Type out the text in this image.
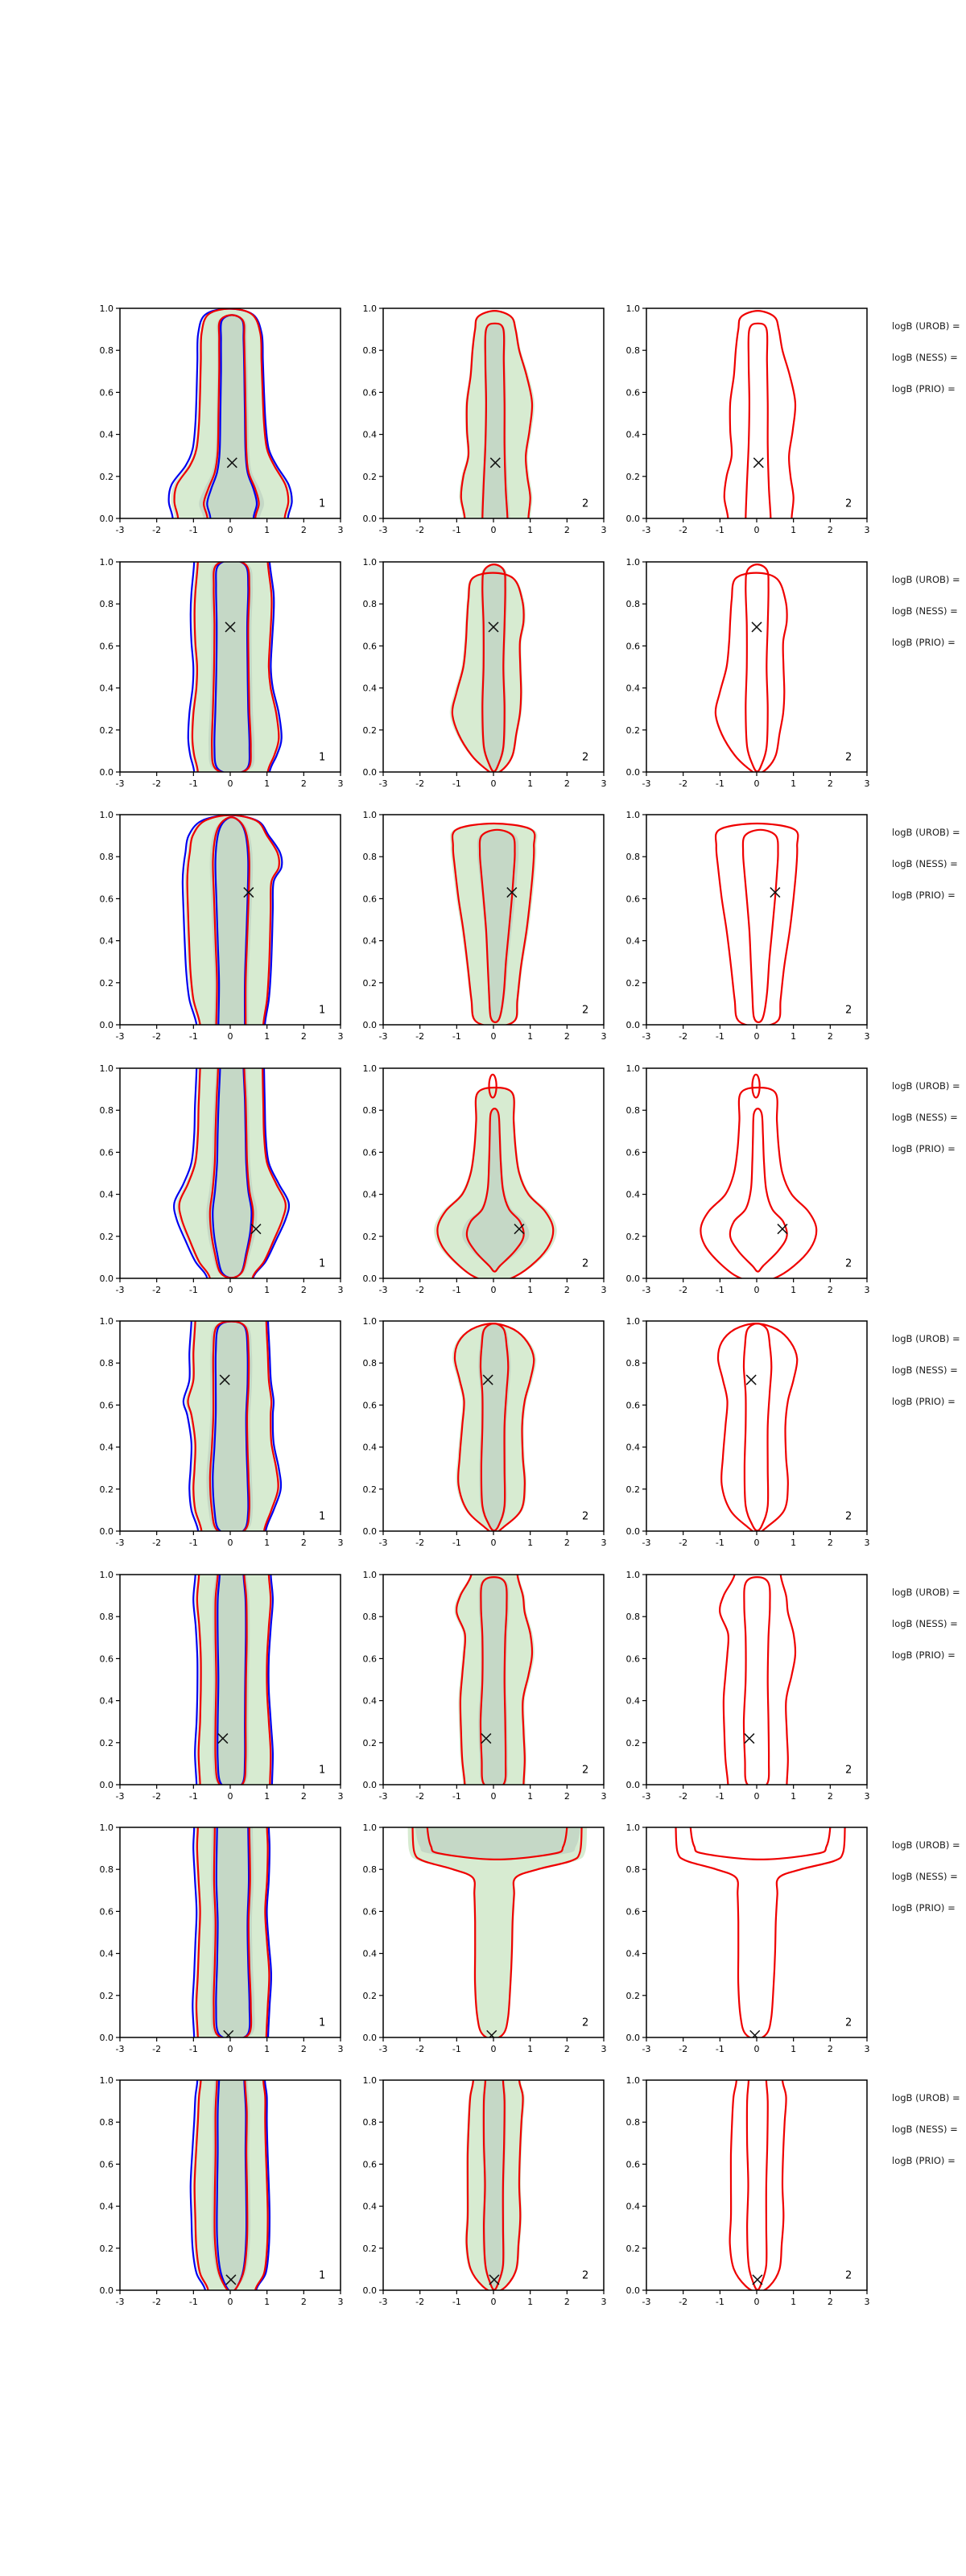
-3	-2	-1	0	1	2	3
0.0
0.2
0.4
0.6
0.8
1.0
1
-3	-2	-1	0	1	2	3
0.0
0.2
0.4
0.6
0.8
1.0
2
-3	-2	-1	0	1	2	3
0.0
0.2
0.4
0.6
0.8
1.0
2
logB (UROB) =
logB (NESS) =
logB (PRIO) =
-3	-2	-1	0	1	2	3
0.0
0.2
0.4
0.6
0.8
1.0
1
-3	-2	-1	0	1	2	3
0.0
0.2
0.4
0.6
0.8
1.0
2
-3	-2	-1	0	1	2	3
0.0
0.2
0.4
0.6
0.8
1.0
2
logB (UROB) =
logB (NESS) =
logB (PRIO) =
-3	-2	-1	0	1	2	3
0.0
0.2
0.4
0.6
0.8
1.0
1
-3	-2	-1	0	1	2	3
0.0
0.2
0.4
0.6
0.8
1.0
2
-3	-2	-1	0	1	2	3
0.0
0.2
0.4
0.6
0.8
1.0
2
logB (UROB) =
logB (NESS) =
logB (PRIO) =
-3	-2	-1	0	1	2	3
0.0
0.2
0.4
0.6
0.8
1.0
1
-3	-2	-1	0	1	2	3
0.0
0.2
0.4
0.6
0.8
1.0
2
-3	-2	-1	0	1	2	3
0.0
0.2
0.4
0.6
0.8
1.0
2
logB (UROB) =
logB (NESS) =
logB (PRIO) =
-3	-2	-1	0	1	2	3
0.0
0.2
0.4
0.6
0.8
1.0
1
-3	-2	-1	0	1	2	3
0.0
0.2
0.4
0.6
0.8
1.0
2
-3	-2	-1	0	1	2	3
0.0
0.2
0.4
0.6
0.8
1.0
2
logB (UROB) =
logB (NESS) =
logB (PRIO) =
-3	-2	-1	0	1	2	3
0.0
0.2
0.4
0.6
0.8
1.0
1
-3	-2	-1	0	1	2	3
0.0
0.2
0.4
0.6
0.8
1.0
2
-3	-2	-1	0	1	2	3
0.0
0.2
0.4
0.6
0.8
1.0
2
logB (UROB) =
logB (NESS) =
logB (PRIO) =
-3	-2	-1	0	1	2	3
0.0
0.2
0.4
0.6
0.8
1.0
1
-3	-2	-1	0	1	2	3
0.0
0.2
0.4
0.6
0.8
1.0
2
-3	-2	-1	0	1	2	3
0.0
0.2
0.4
0.6
0.8
1.0
2
logB (UROB) =
logB (NESS) =
logB (PRIO) =
-3	-2	-1	0	1	2	3
0.0
0.2
0.4
0.6
0.8
1.0
1
-3	-2	-1	0	1	2	3
0.0
0.2
0.4
0.6
0.8
1.0
2
-3	-2	-1	0	1	2	3
0.0
0.2
0.4
0.6
0.8
1.0
2
logB (UROB) =
logB (NESS) =
logB (PRIO) =
